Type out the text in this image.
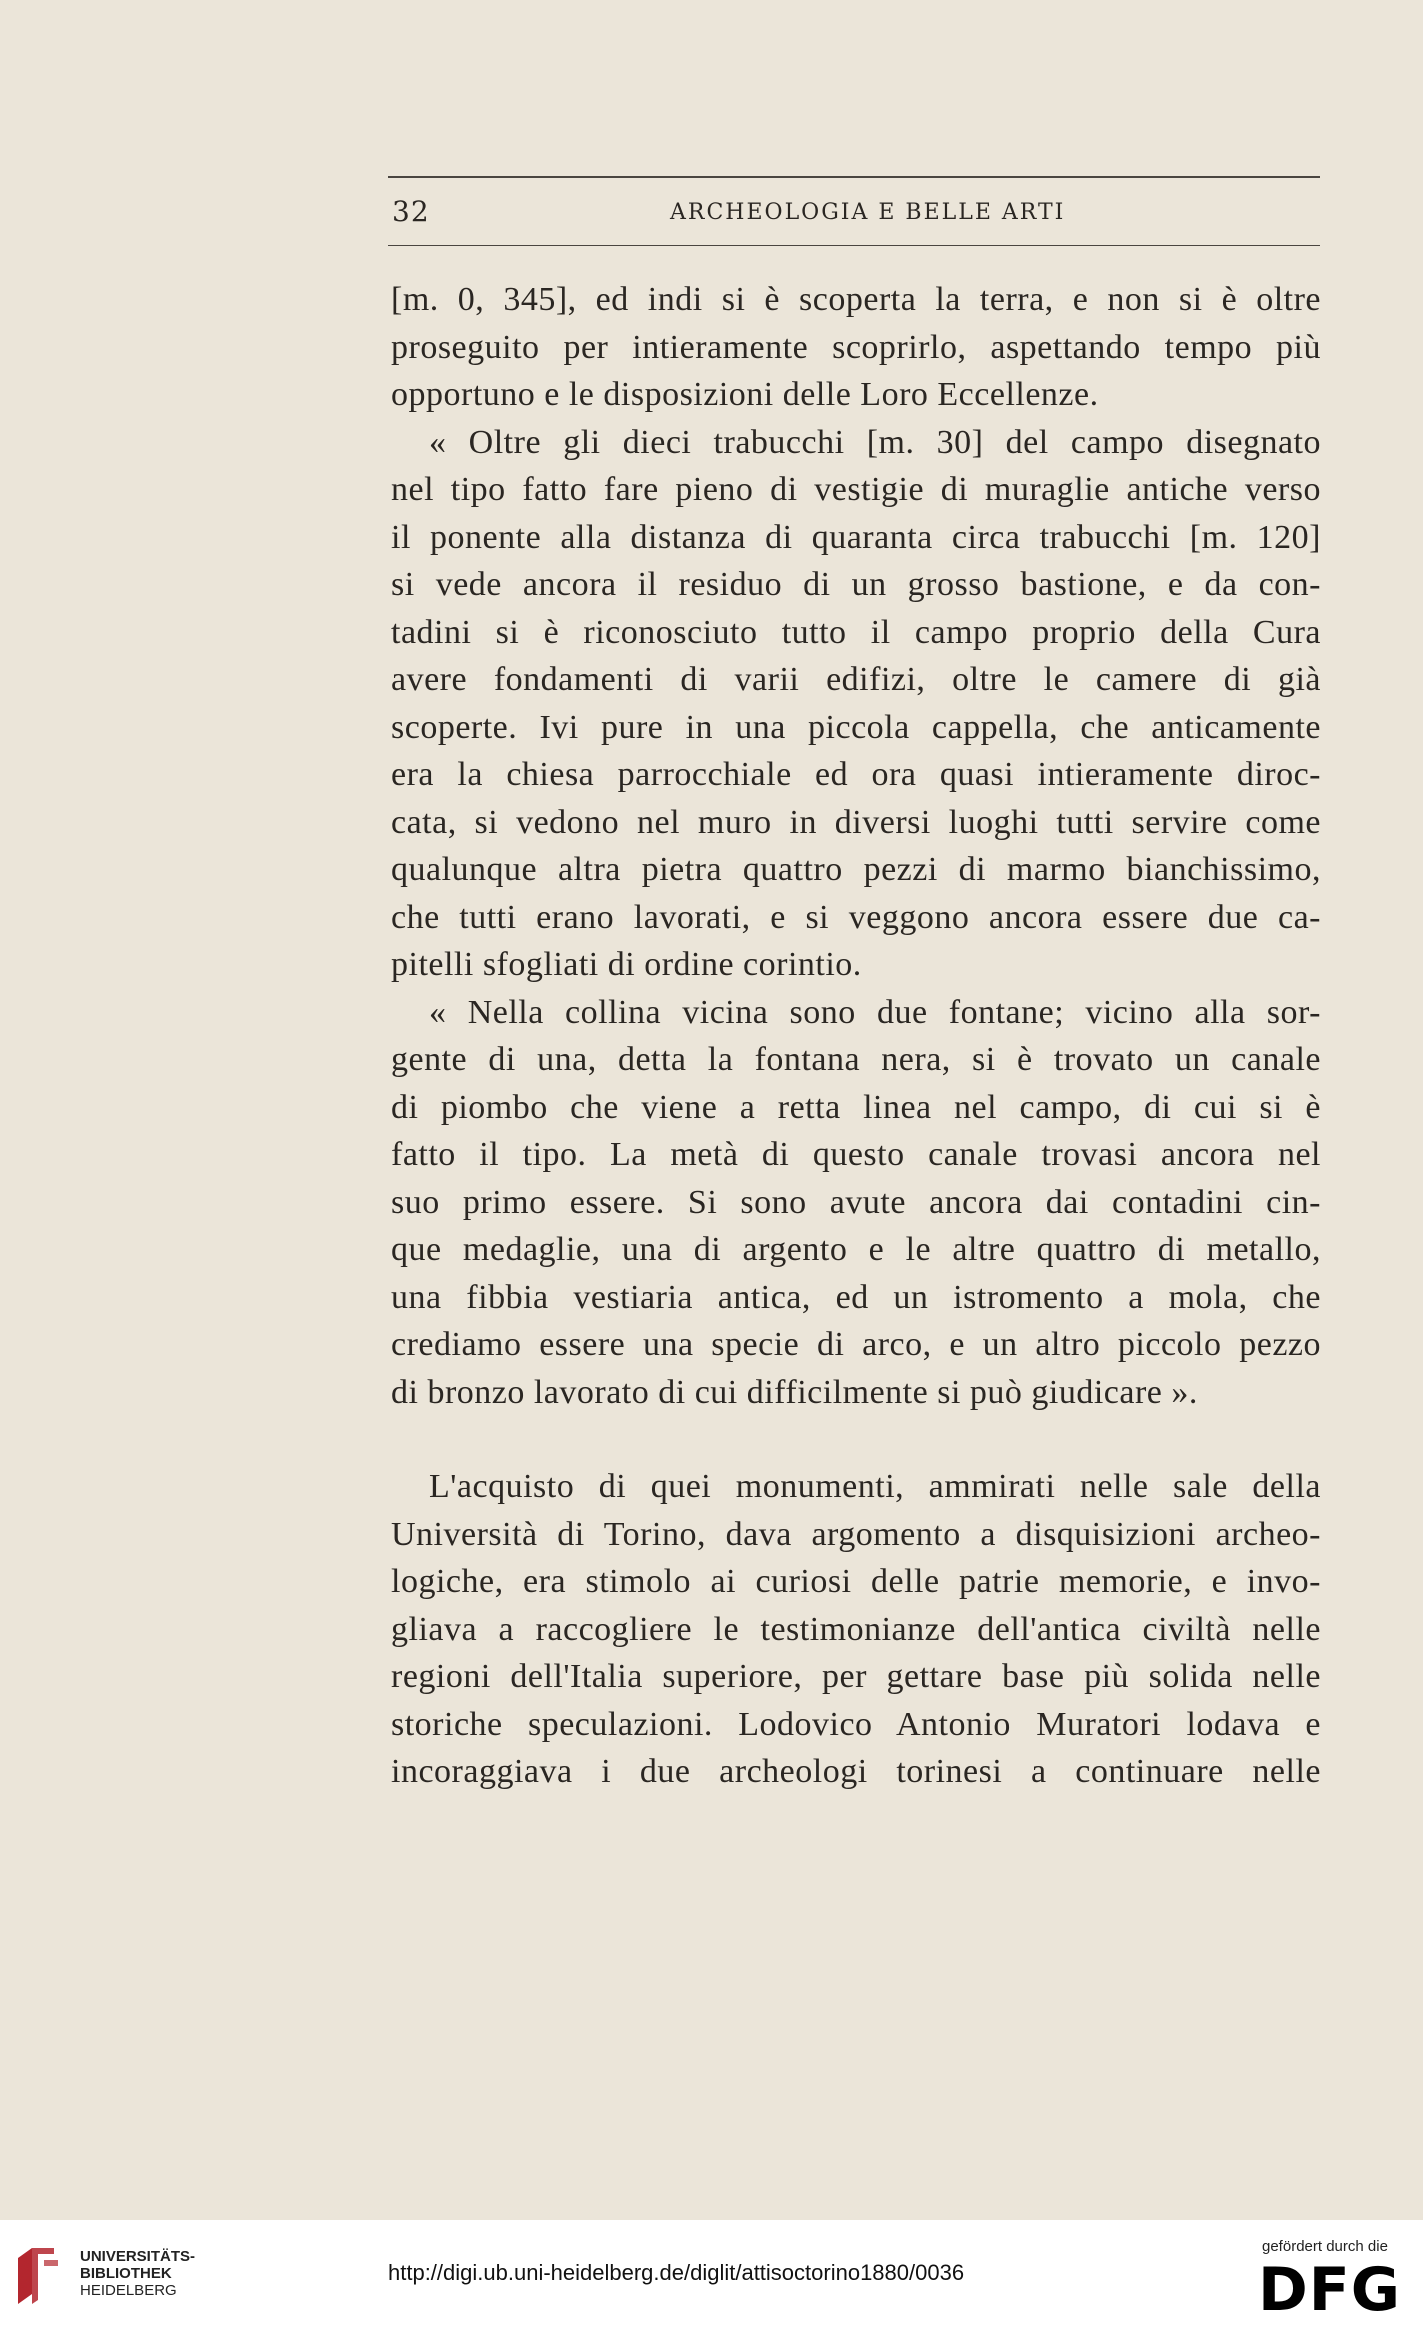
32	ARCHEOLOGIA E BELLE ARTI
[m. 0, 345], ed indi si è scoperta la terra, e non si è oltre
proseguito per intieramente scoprirlo, aspettando tempo più
opportuno e le disposizioni delle Loro Eccellenze.
« Oltre gli dieci trabucchi [m. 30] del campo disegnato
nel tipo fatto fare pieno di vestigie di muraglie antiche verso
il ponente alla distanza di quaranta circa trabucchi [m. 120]
si vede ancora il residuo di un grosso bastione, e da con-
tadini si è riconosciuto tutto il campo proprio della Cura
avere fondamenti di varii edifizi, oltre le camere di già
scoperte. Ivi pure in una piccola cappella, che anticamente
era la chiesa parrocchiale ed ora quasi intieramente diroc-
cata, si vedono nel muro in diversi luoghi tutti servire come
qualunque altra pietra quattro pezzi di marmo bianchissimo,
che tutti erano lavorati, e si veggono ancora essere due ca-
pitelli sfogliati di ordine corintio.
« Nella collina vicina sono due fontane; vicino alla sor-
gente di una, detta la fontana nera, si è trovato un canale
di piombo che viene a retta linea nel campo, di cui si è
fatto il tipo. La metà di questo canale trovasi ancora nel
suo primo essere. Si sono avute ancora dai contadini cin-
que medaglie, una di argento e le altre quattro di metallo,
una fibbia vestiaria antica, ed un istromento a mola, che
crediamo essere una specie di arco, e un altro piccolo pezzo
di bronzo lavorato di cui difficilmente si può giudicare ».
L'acquisto di quei monumenti, ammirati nelle sale della
Università di Torino, dava argomento a disquisizioni archeo-
logiche, era stimolo ai curiosi delle patrie memorie, e invo-
gliava a raccogliere le testimonianze dell'antica civiltà nelle
regioni dell'Italia superiore, per gettare base più solida nelle
storiche speculazioni. Lodovico Antonio Muratori lodava e
incoraggiava i due archeologi torinesi a continuare nelle
UNIVERSITÄTS-
BIBLIOTHEK
HEIDELBERG
http://digi.ub.uni-heidelberg.de/diglit/attisoctorino1880/0036
gefördert durch die
DFG
